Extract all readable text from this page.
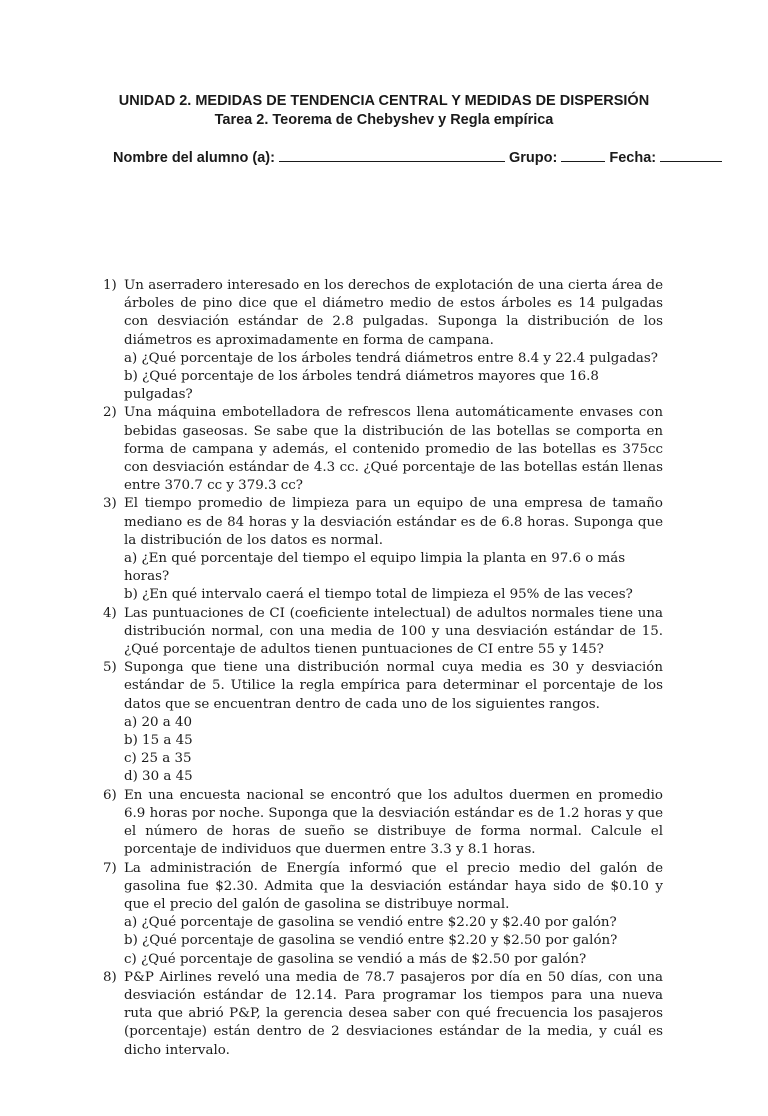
UNIDAD 2. MEDIDAS DE TENDENCIA CENTRAL Y MEDIDAS DE DISPERSIÓN
Tarea 2. Teorema de Chebyshev y Regla empírica
Nombre del alumno (a):	Grupo:	Fecha:
1) Un aserradero interesado en los derechos de explotación de una cierta área de árboles de pino dice que el diámetro medio de estos árboles es 14 pulgadas con desviación estándar de 2.8 pulgadas. Suponga la distribución de los diámetros es aproximadamente en forma de campana.
a) ¿Qué porcentaje de los árboles tendrá diámetros entre 8.4 y 22.4 pulgadas?
b) ¿Qué porcentaje de los árboles tendrá diámetros mayores que 16.8 pulgadas?
2) Una máquina embotelladora de refrescos llena automáticamente envases con bebidas gaseosas. Se sabe que la distribución de las botellas se comporta en forma de campana y además, el contenido promedio de las botellas es 375cc con desviación estándar de 4.3 cc. ¿Qué porcentaje de las botellas están llenas entre 370.7 cc y 379.3 cc?
3) El tiempo promedio de limpieza para un equipo de una empresa de tamaño mediano es de 84 horas y la desviación estándar es de 6.8 horas. Suponga que la distribución de los datos es normal.
a) ¿En qué porcentaje del tiempo el equipo limpia la planta en 97.6 o más horas?
b) ¿En qué intervalo caerá el tiempo total de limpieza el 95% de las veces?
4) Las puntuaciones de CI (coeficiente intelectual) de adultos normales tiene una distribución normal, con una media de 100 y una desviación estándar de 15. ¿Qué porcentaje de adultos tienen puntuaciones de CI entre 55 y 145?
5) Suponga que tiene una distribución normal cuya media es 30 y desviación estándar de 5. Utilice la regla empírica para determinar el porcentaje de los datos que se encuentran dentro de cada uno de los siguientes rangos.
a) 20 a 40
b) 15 a 45
c) 25 a 35
d) 30 a 45
6) En una encuesta nacional se encontró que los adultos duermen en promedio 6.9 horas por noche. Suponga que la desviación estándar es de 1.2 horas y que el número de horas de sueño se distribuye de forma normal. Calcule el porcentaje de individuos que duermen entre 3.3 y 8.1 horas.
7) La administración de Energía informó que el precio medio del galón de gasolina fue $2.30. Admita que la desviación estándar haya sido de $0.10 y que el precio del galón de gasolina se distribuye normal.
a) ¿Qué porcentaje de gasolina se vendió entre $2.20 y $2.40 por galón?
b) ¿Qué porcentaje de gasolina se vendió entre $2.20 y $2.50 por galón?
c) ¿Qué porcentaje de gasolina se vendió a más de $2.50 por galón?
8) P&P Airlines reveló una media de 78.7 pasajeros por día en 50 días, con una desviación estándar de 12.14. Para programar los tiempos para una nueva ruta que abrió P&P, la gerencia desea saber con qué frecuencia los pasajeros (porcentaje) están dentro de 2 desviaciones estándar de la media, y cuál es dicho intervalo.
